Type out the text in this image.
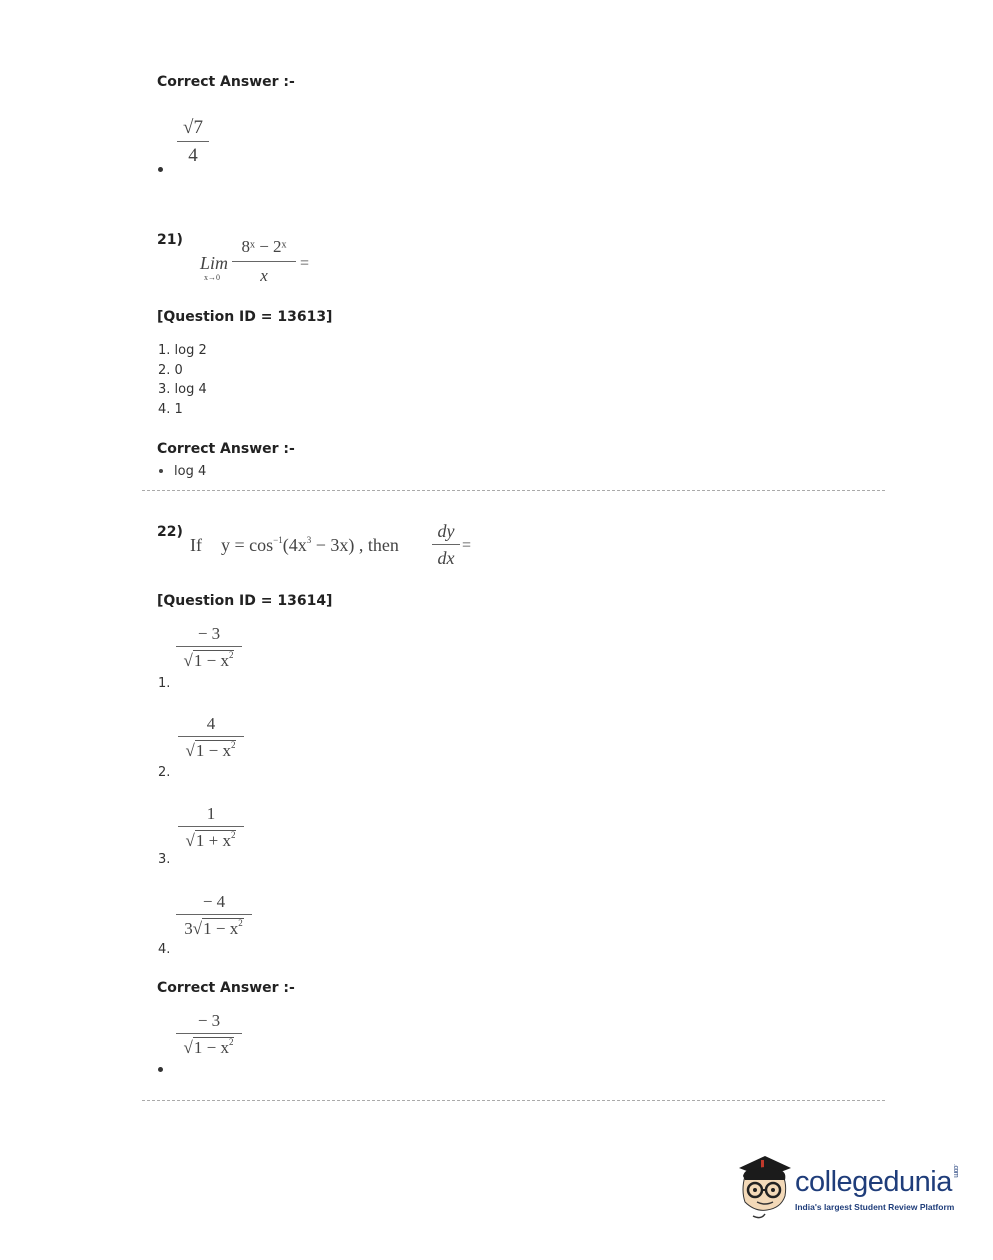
Correct Answer :-
√7
4
21)
Lim
x→0
8ˣ − 2ˣ
x
=
[Question ID = 13613]
1. log 2
2. 0
3. log 4
4. 1
Correct Answer :-
log 4
22)
If $y = \cos^{-1}(4x^3 - 3x)$ , then
dy
dx
=
[Question ID = 13614]
− 3
$√1 - x^2$
1.
4
$√1 - x^2$
2.
1
$√1 + x^2$
3.
− 4
$3√1 - x^2$
4.
Correct Answer :-
− 3
$√1 - x^2$
collegedunia.com
India's largest Student Review Platform
